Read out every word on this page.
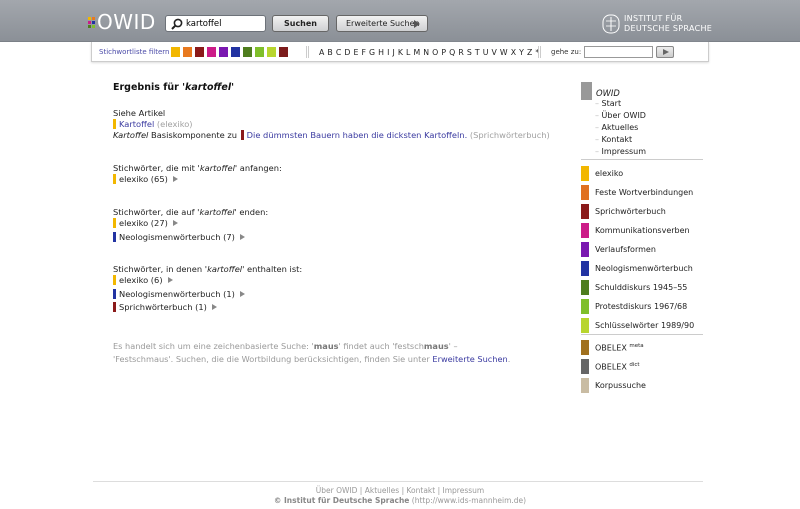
OWID
kartoffel	Suchen	Erweiterte Suchen
INSTITUT FÜR
DEUTSCHE SPRACHE
Stichwortliste filtern	A B C D E F G H I J K L M N O P Q R S T U V W X Y Z * gehe zu:
Ergebnis für 'kartoffel'
Siehe Artikel
Kartoffel
(elexiko)
Kartoffel Basiskomponente zu Die dümmsten Bauern haben die dicksten Kartoffeln.
(Sprichwörterbuch)
Stichwörter, die mit ' kartoffel ' anfangen:
elexiko (65)
Stichwörter, die auf ' kartoffel ' enden:
elexiko (27)
Neologismenwörterbuch (7)
Stichwörter, in denen ' kartoffel ' enthalten ist:
elexiko (6)
Neologismenwörterbuch (1)
Sprichwörterbuch (1)
Es handelt sich um eine zeichenbasierte Suche: 'maus' findet auch 'festschmaus' –
'Festschmaus'. Suchen, die die Wortbildung berücksichtigen, finden Sie unter Erweiterte Suchen.
OWID
– Start
– Über OWID
– Aktuelles
– Kontakt
– Impressum
elexiko
Feste Wortverbindungen
Sprichwörterbuch
Kommunikationsverben
Verlaufsformen
Neologismenwörterbuch
Schulddiskurs 1945–55
Protestdiskurs 1967/68
Schlüsselwörter 1989/90
OBELEX $^{meta}$
OBELEX $^{dict}$
Korpussuche
Über OWID | Aktuelles | Kontakt | Impressum
© Institut für Deutsche Sprache (http://www.ids-mannheim.de)
